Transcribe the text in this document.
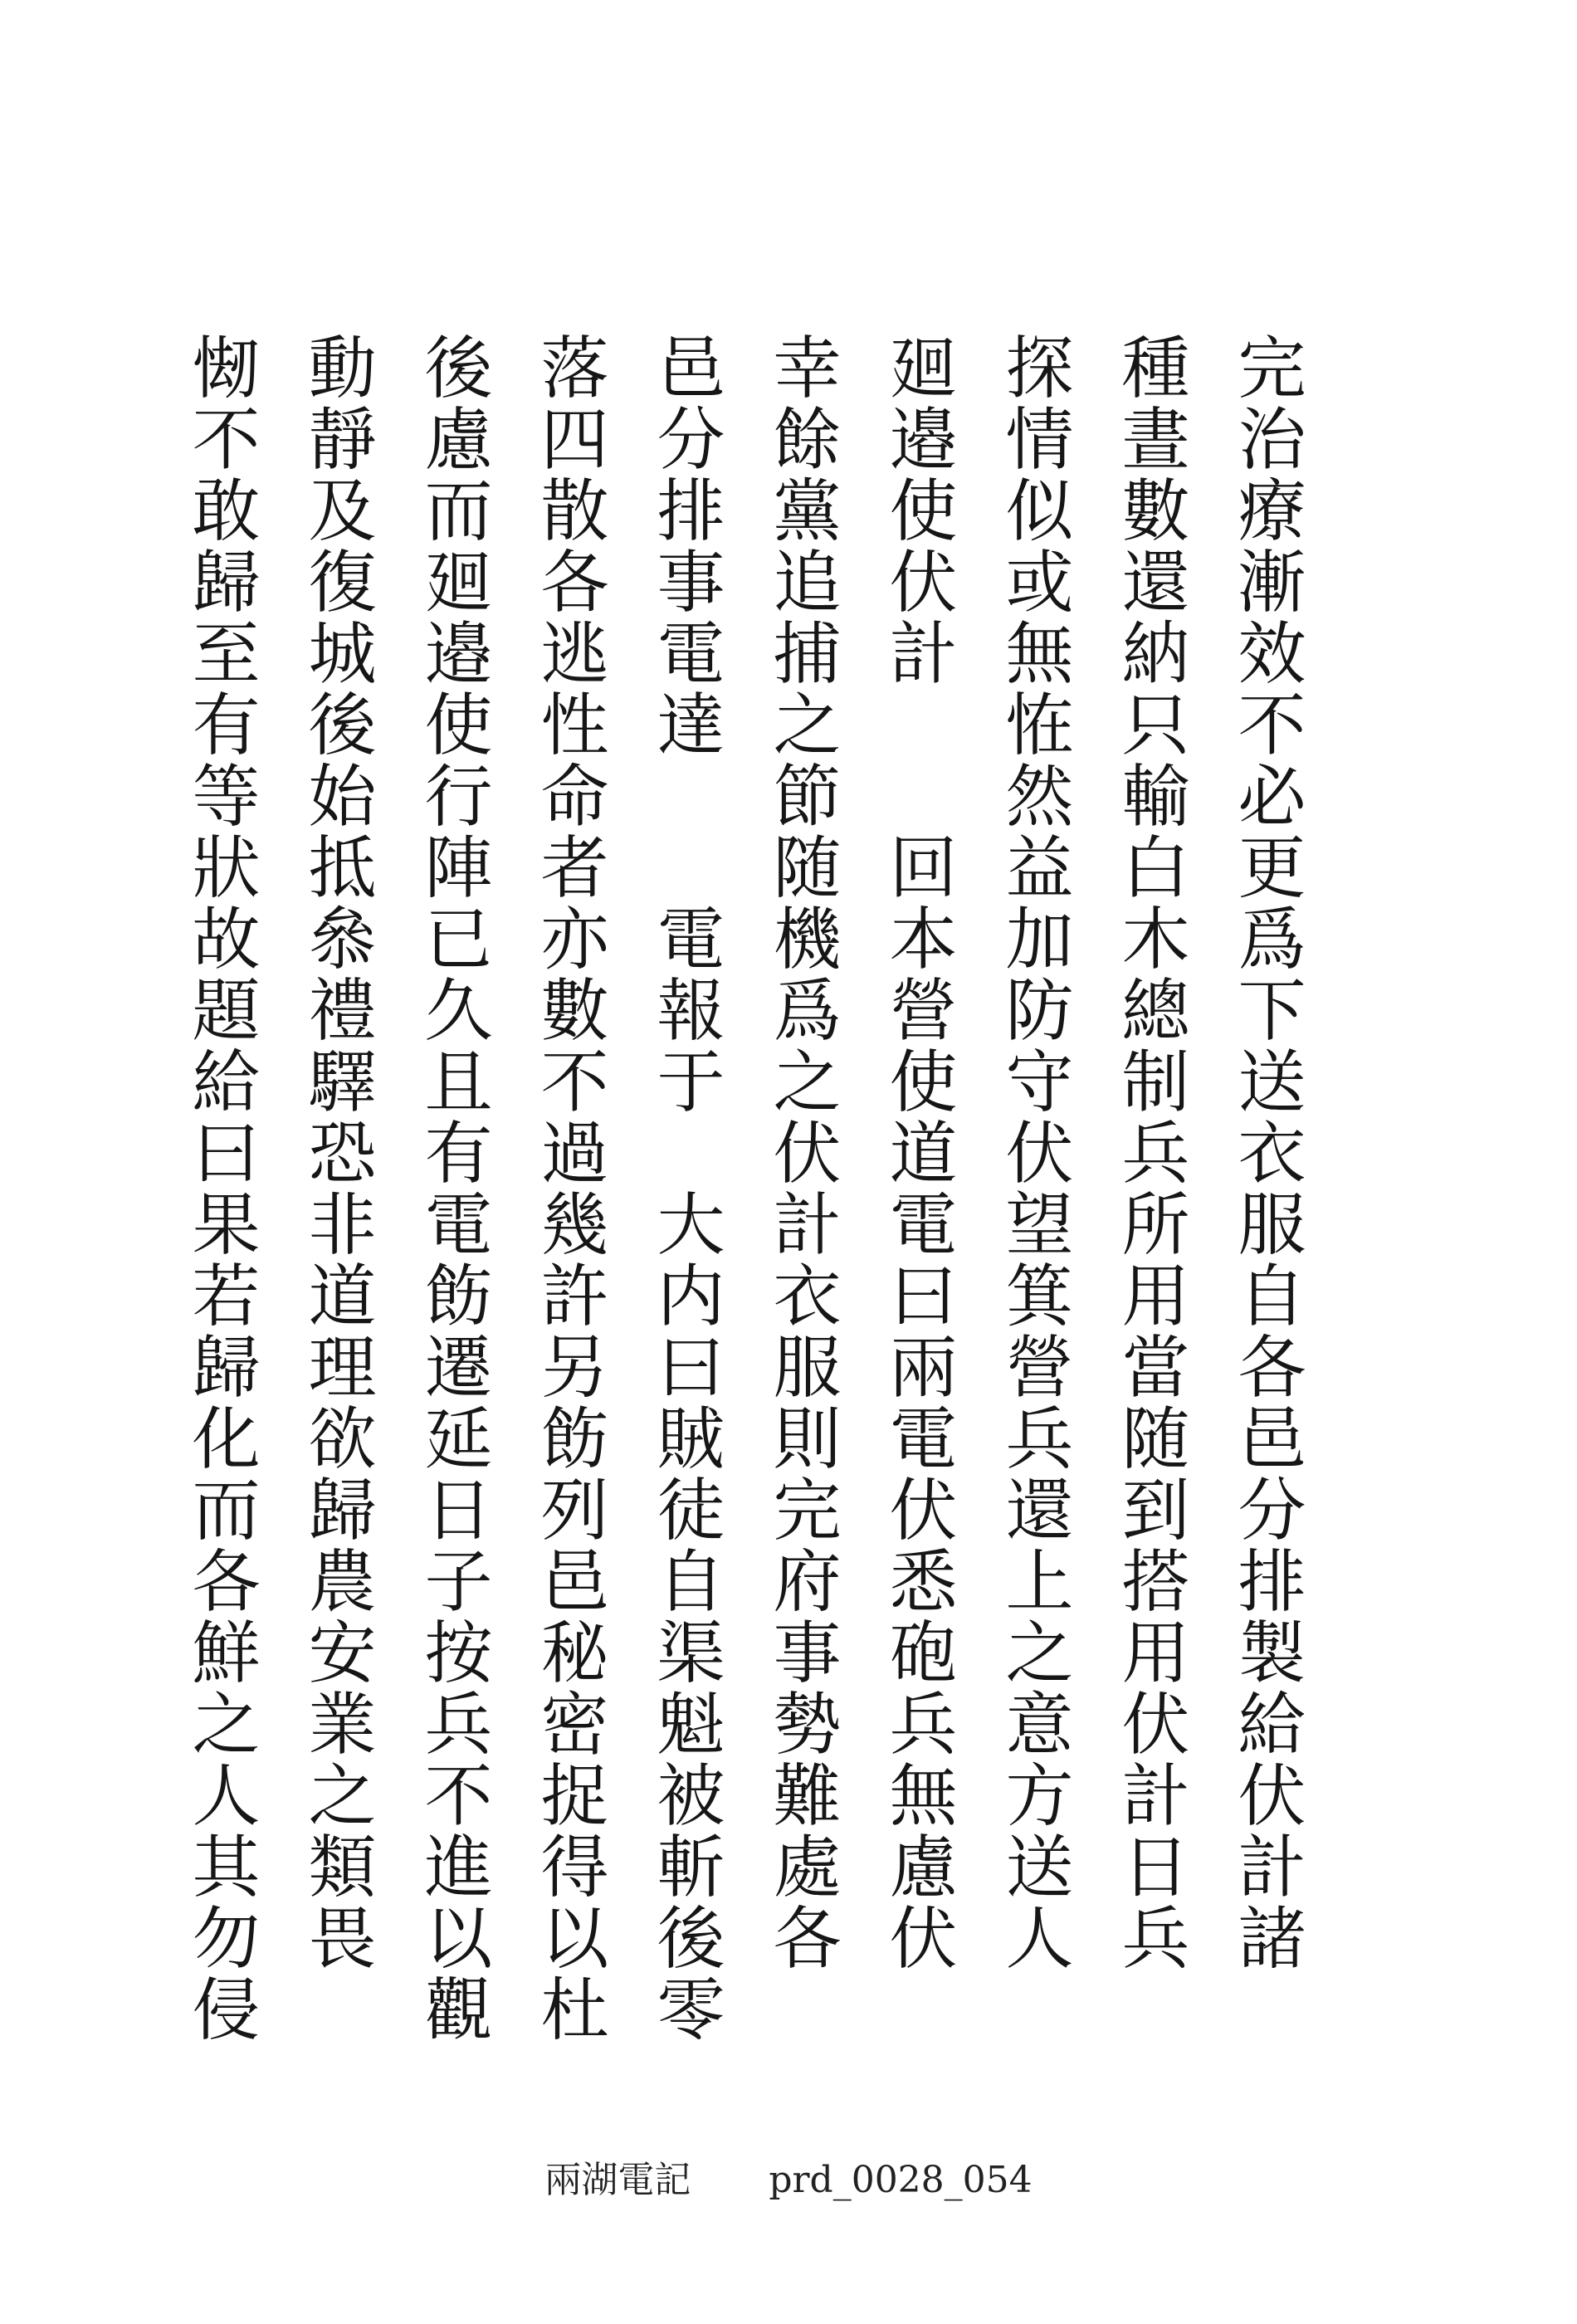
完治療漸效不必更爲下送衣服自各邑分排製給伏計諸

種晝數還納只輸白木總制兵所用當随到搭用伏計日兵

探情似或無恠然益加防守伏望箕營兵還上之意方送人

廻邉使伏計　　回本營使道電曰兩電伏悉砲兵無慮伏

幸餘黨追捕之節随機爲之伏計衣服則完府事勢難處各

邑分排事電達　　電報于　大内曰賊徒自渠魁被斬後零

落四散各逃性命者亦數不過幾許另飭列邑秘密捉得以杜

後慮而廻邉使行陣已久且有電飭遷延日子按兵不進以觀

動靜及復城後始抵叅禮驛恐非道理欲歸農安業之類畏

㥘不敢歸至有等狀故題給曰果若歸化而各鮮之人其勿侵

兩湖電記 prd_0028_054
